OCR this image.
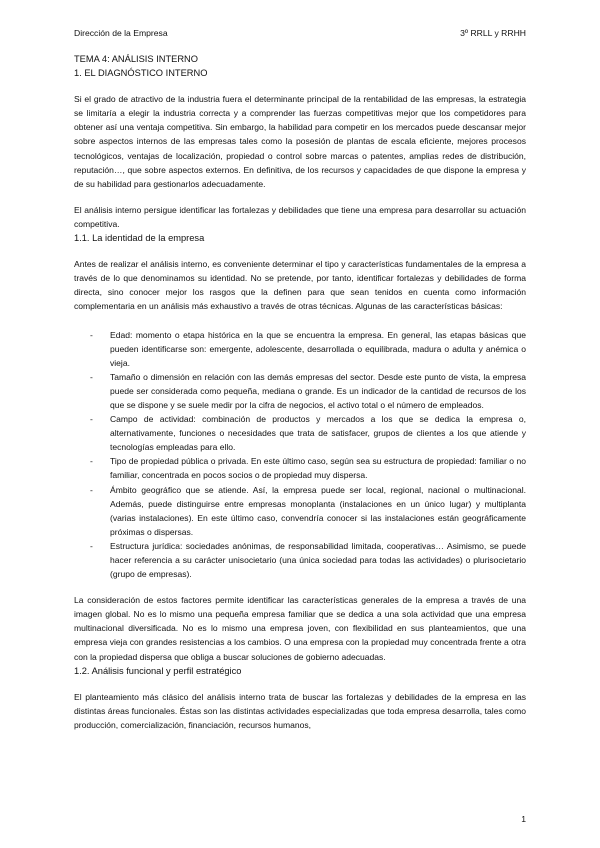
Dirección de la Empresa	3º RRLL y RRHH

TEMA 4: ANÁLISIS INTERNO

1. EL DIAGNÓSTICO INTERNO

Si el grado de atractivo de la industria fuera el determinante principal de la rentabilidad de las empresas, la estrategia se limitaría a elegir la industria correcta y a comprender las fuerzas competitivas mejor que los competidores para obtener así una ventaja competitiva. Sin embargo, la habilidad para competir en los mercados puede descansar mejor sobre aspectos internos de las empresas tales como la posesión de plantas de escala eficiente, mejores procesos tecnológicos, ventajas de localización, propiedad o control sobre marcas o patentes, amplias redes de distribución, reputación…, que sobre aspectos externos. En definitiva, de los recursos y capacidades de que dispone la empresa y de su habilidad para gestionarlos adecuadamente.

El análisis interno persigue identificar las fortalezas y debilidades que tiene una empresa para desarrollar su actuación competitiva.

1.1. La identidad de la empresa

Antes de realizar el análisis interno, es conveniente determinar el tipo y características fundamentales de la empresa a través de lo que denominamos su identidad. No se pretende, por tanto, identificar fortalezas y debilidades de forma directa, sino conocer mejor los rasgos que la definen para que sean tenidos en cuenta como información complementaria en un análisis más exhaustivo a través de otras técnicas. Algunas de las características básicas:

- Edad: momento o etapa histórica en la que se encuentra la empresa. En general, las etapas básicas que pueden identificarse son: emergente, adolescente, desarrollada o equilibrada, madura o adulta y anémica o vieja.
- Tamaño o dimensión en relación con las demás empresas del sector. Desde este punto de vista, la empresa puede ser considerada como pequeña, mediana o grande. Es un indicador de la cantidad de recursos de los que se dispone y se suele medir por la cifra de negocios, el activo total o el número de empleados.
- Campo de actividad: combinación de productos y mercados a los que se dedica la empresa o, alternativamente, funciones o necesidades que trata de satisfacer, grupos de clientes a los que atiende y tecnologías empleadas para ello.
- Tipo de propiedad pública o privada. En este último caso, según sea su estructura de propiedad: familiar o no familiar, concentrada en pocos socios o de propiedad muy dispersa.
- Ámbito geográfico que se atiende. Así, la empresa puede ser local, regional, nacional o multinacional. Además, puede distinguirse entre empresas monoplanta (instalaciones en un único lugar) y multiplanta (varias instalaciones). En este último caso, convendría conocer si las instalaciones están geográficamente próximas o dispersas.
- Estructura jurídica: sociedades anónimas, de responsabilidad limitada, cooperativas… Asimismo, se puede hacer referencia a su carácter unisocietario (una única sociedad para todas las actividades) o plurisocietario (grupo de empresas).

La consideración de estos factores permite identificar las características generales de la empresa a través de una imagen global. No es lo mismo una pequeña empresa familiar que se dedica a una sola actividad que una empresa multinacional diversificada. No es lo mismo una empresa joven, con flexibilidad en sus planteamientos, que una empresa vieja con grandes resistencias a los cambios. O una empresa con la propiedad muy concentrada frente a otra con la propiedad dispersa que obliga a buscar soluciones de gobierno adecuadas.

1.2. Análisis funcional y perfil estratégico

El planteamiento más clásico del análisis interno trata de buscar las fortalezas y debilidades de la empresa en las distintas áreas funcionales. Éstas son las distintas actividades especializadas que toda empresa desarrolla, tales como producción, comercialización, financiación, recursos humanos,

1
